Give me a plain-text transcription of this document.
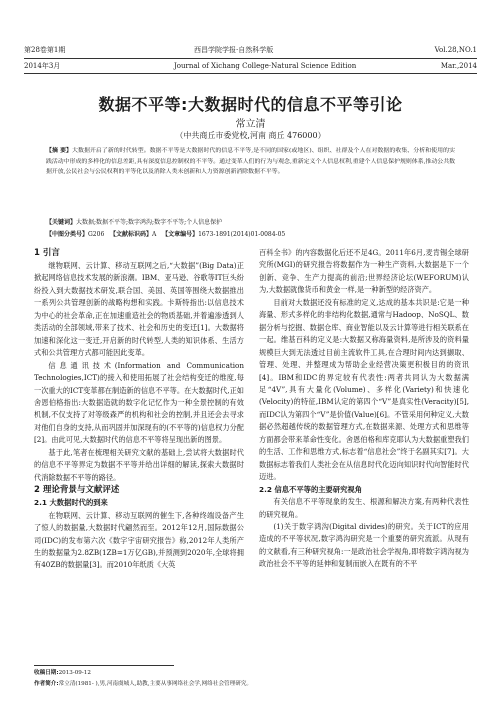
第28卷第1期	西昌学院学报·自然科学版	Vol.28,NO.1
2014年3月	Journal of Xichang College·Natural Science Edition	Mar.,2014
数据不平等:大数据时代的信息不平等引论
常立清
（中共商丘市委党校,河南 商丘 476000）
【摘 要】大数据开启了新的时代转型。数据不平等是大数据时代的信息不平等,是不同的国家(或地区)、组织、社群及个人在对数据的收集、分析和使用的实践活动中形成的多样化的信息差距,具有深度信息控制权的不平等。通过变革人们的行为与观念,重新定义个人信息权利,重建个人信息保护规则体系,推动公共数据开放,公民社会与公民权利的平等化以及消除人类未创新和人力资源创新消除数据不平等。
【关键词】大数据;数据不平等;数字鸿沟;数字不平等;个人信息保护
【中图分类号】G206 【文献标识码】A 【文章编号】1673-1891(2014)01-0084-05
1 引言

继物联网、云计算、移动互联网之后,“大数据”(Big Data)正掀起网络信息技术发展的新浪潮。IBM、亚马逊、谷歌等IT巨头纷纷投入到大数据技术研发,联合国、美国、英国等围绕大数据推出一系列公共管理创新的战略构想和实践。卡斯特指出:以信息技术为中心的社会革命,正在加速重造社会的物质基础,并着遍渗透到人类活动的全部领域,带来了技术、社会和历史的变迁[1]。大数据将加速和深化这一变迁,开启新的时代转型,人类的知识体系、生活方式和公共管理方式都可能因此变革。

信息通讯技术(Information and Communication Technologies,ICT)的接入和使用拓展了社会结构变迁的维度,每一次重大的ICT变革都在制造新的信息不平等。在大数据时代,正如舍恩伯格指出:大数据造就的数字化记忆作为一种全景控制的有效机制,不仅支持了对等级森严的机构和社会的控制,并且还会去寻求对他们自身的支持,从而巩固并加深现有的(不平等的)信息权力分配[2]。由此可见,大数据时代的信息不平等将呈现出新的图景。

基于此,笔者在梳理相关研究文献的基础上,尝试将大数据时代的信息不平等界定为数据不平等并给出详细的解读,探索大数据时代消除数据不平等的路径。

2 理论背景与文献评述
2.1 大数据时代的到来

在物联网、云计算、移动互联网的催生下,各种终端设备产生了惊人的数据量,大数据时代翩然而至。2012年12月,国际数据公司(IDC)的发布第六次《数字宇宙研究报告》称,2012年人类所产生的数据量为2.8ZB(1ZB=1万亿GB),并预测到2020年,全球将拥有40ZB的数据量[3]。而2010年纸质《大英

百科全书》的内容数据化后还不足4G。2011年6月,麦肯锡全球研究所(MGI)的研究报告将数据作为一种生产资料,大数据是下一个创新、竞争、生产力提高的前沿;世界经济论坛(WEFORUM)认为,大数据就像货币和黄金一样,是一种新型的经济资产。

目前对大数据还没有标准的定义,达成的基本共识是:它是一种海量、形式多样化的非结构化数据,通常与Hadoop、NoSQL、数据分析与挖掘、数据仓库、商业智能以及云计算等进行相关联系在一起。维基百科的定义是:大数据又称海量资料,是所涉及的资料量规模巨大到无法透过目前主流软件工具,在合理时间内达到撷取、管理、处理、并整理成为帮助企业经营决策更积极目的的资讯[4]。IBM和IDC的界定较有代表性:两者共同认为大数据满足“4V”,具有大量化(Volume)、多样化(Variety)和快速化(Velocity)的特征,IBM认定的第四个“V”是真实性(Veracity)[5],而IDC认为第四个“V”是价值(Value)[6]。不管采用何种定义,大数据必然超越传统的数据管理方式,在数据来源、处理方式和思维等方面都会带来革命性变化。舍恩伯格和库克耶认为大数据重塑我们的生活、工作和思维方式,标志着“信息社会”终于名副其实[7]。大数据标志着我们人类社会在从信息时代化迈向知识时代向智能时代迈进。

2.2 信息不平等的主要研究视角

有关信息不平等现象的发生、根源和解决方案,有两种代表性的研究视角。

(1)关于数字鸿沟(Digital divides)的研究。关于ICT的应用造成的不平等状况,数字鸿沟研究是一个重要的研究流派。从现有的文献看,有三种研究视角:一是政治社会学视角,即将数字鸿沟视为政治社会不平等的延伸和复制而嵌入在既有的不平

收稿日期:2013-09-12
作者简介:常立清(1981- ),男,河南虞城人,助教,主要从事网络社会学,网络社会管理研究。
